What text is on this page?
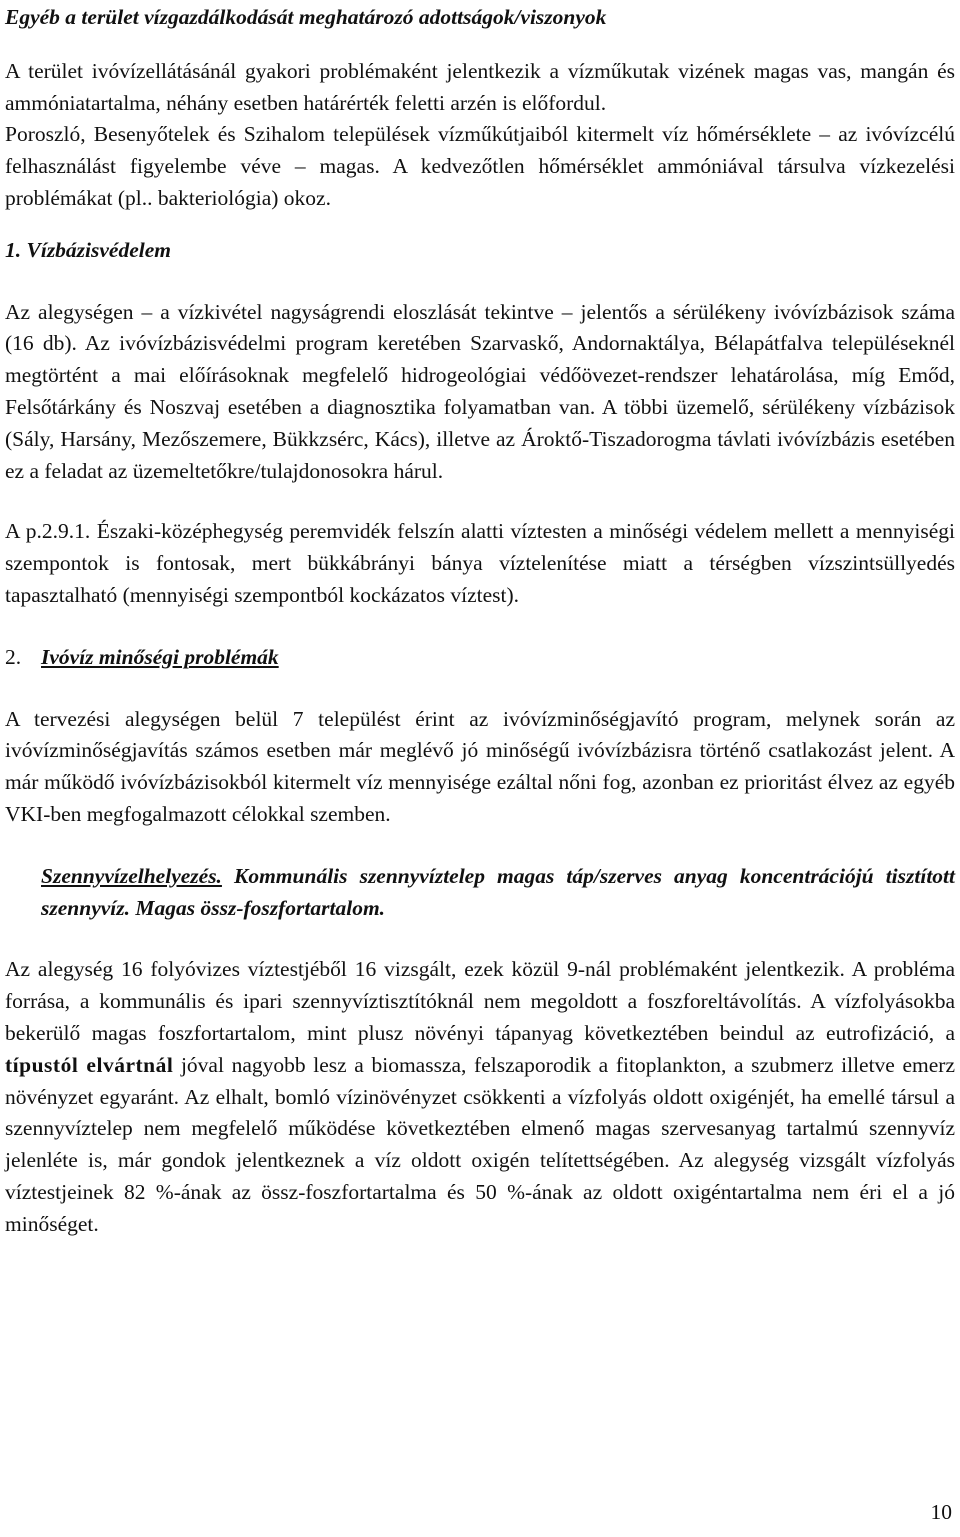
Egyéb a terület vízgazdálkodását meghatározó adottságok/viszonyok

A terület ivóvízellátásánál gyakori problémaként jelentkezik a vízműkutak vizének magas vas, mangán és ammóniatartalma, néhány esetben határérték feletti arzén is előfordul.

Poroszló, Besenyőtelek és Szihalom települések vízműkútjaiból kitermelt víz hőmérséklete – az ivóvízcélú felhasználást figyelembe véve – magas. A kedvezőtlen hőmérséklet ammóniával társulva vízkezelési problémákat (pl.. bakteriológia) okoz.

1. Vízbázisvédelem

Az alegységen – a vízkivétel nagyságrendi eloszlását tekintve – jelentős a sérülékeny ivóvízbázisok száma (16 db). Az ivóvízbázisvédelmi program keretében Szarvaskő, Andornaktálya, Bélapátfalva településeknél megtörtént a mai előírásoknak megfelelő hidrogeológiai védőövezet-rendszer lehatárolása, míg Emőd, Felsőtárkány és Noszvaj esetében a diagnosztika folyamatban van. A többi üzemelő, sérülékeny vízbázisok (Sály, Harsány, Mezőszemere, Bükkzsérc, Kács), illetve az Ároktő-Tiszadorogma távlati ivóvízbázis esetében ez a feladat az üzemeltetőkre/tulajdonosokra hárul.

A p.2.9.1. Északi-középhegység peremvidék felszín alatti víztesten a minőségi védelem mellett a mennyiségi szempontok is fontosak, mert bükkábrányi bánya víztelenítése miatt a térségben vízszintsüllyedés tapasztalható (mennyiségi szempontból kockázatos víztest).

2. Ivóvíz minőségi problémák

A tervezési alegységen belül 7 települést érint az ivóvízminőségjavító program, melynek során az ivóvízminőségjavítás számos esetben már meglévő jó minőségű ivóvízbázisra történő csatlakozást jelent. A már működő ivóvízbázisokból kitermelt víz mennyisége ezáltal nőni fog, azonban ez prioritást élvez az egyéb VKI-ben megfogalmazott célokkal szemben.

Szennyvízelhelyezés. Kommunális szennyvíztelep magas táp/szerves anyag koncentrációjú tisztított szennyvíz. Magas össz-foszfortartalom.

Az alegység 16 folyóvizes víztestjéből 16 vizsgált, ezek közül 9-nál problémaként jelentkezik. A probléma forrása, a kommunális és ipari szennyvíztisztítóknál nem megoldott a foszforeltávolítás. A vízfolyásokba bekerülő magas foszfortartalom, mint plusz növényi tápanyag következtében beindul az eutrofizáció, a típustól elvártnál jóval nagyobb lesz a biomassza, felszaporodik a fitoplankton, a szubmerz illetve emerz növényzet egyaránt. Az elhalt, bomló vízinövényzet csökkenti a vízfolyás oldott oxigénjét, ha emellé társul a szennyvíztelep nem megfelelő működése következtében elmenő magas szervesanyag tartalmú szennyvíz jelenléte is, már gondok jelentkeznek a víz oldott oxigén telítettségében. Az alegység vizsgált vízfolyás víztestjeinek 82 %-ának az össz-foszfortartalma és 50 %-ának az oldott oxigéntartalma nem éri el a jó minőséget.

10
